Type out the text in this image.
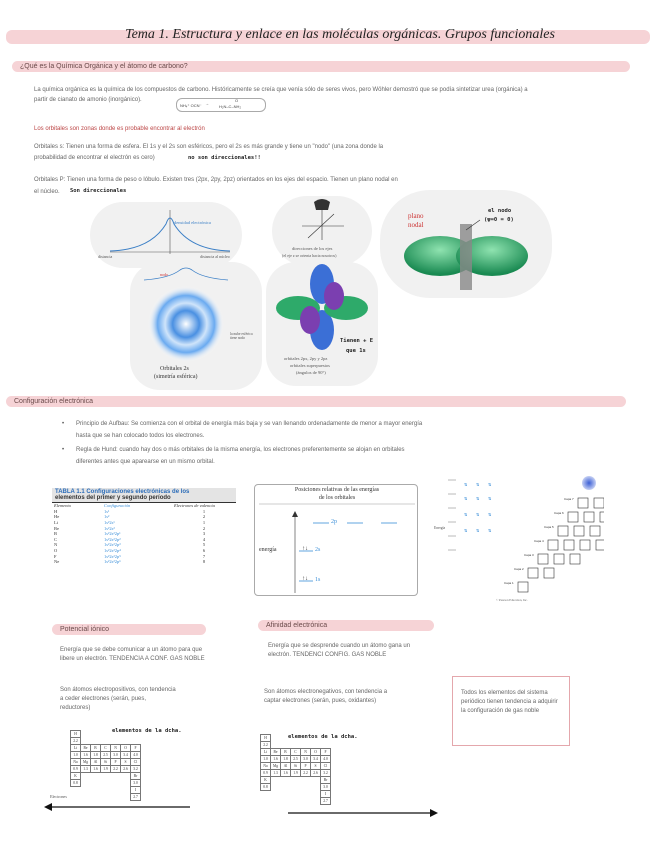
Tema 1. Estructura y enlace en las moléculas orgánicas. Grupos funcionales
¿Qué es la Química Orgánica y el átomo de carbono?
La química orgánica es la química de los compuestos de carbono. Históricamente se creía que venía sólo de seres vivos, pero Wöhler demostró que se podía sintetizar urea (orgánica) a
partir de cianato de amonio (inorgánico).
NH₄⁺ OCN⁻ →
O
H₂N–C–NH₂
Los orbitales son zonas donde es probable encontrar al electrón
Orbitales s: Tienen una forma de esfera. El 1s y el 2s son esféricos, pero el 2s es más grande y tiene un "nodo" (una zona donde la
probabilidad de encontrar el electrón es cero)	no son direccionales!!
Orbitales P: Tienen una forma de peso o lóbulo. Existen tres (2px, 2py, 2pz) orientados en los ejes del espacio. Tienen un plano nodal en
el núcleo.	Son direccionales
densidad electrónica
distancia	distancia al núcleo
nodo
Orbitales 2s
(simetría esférica)
la nube esférica tiene nodo
direcciones de los ejes
(el eje z se orienta hacia nosotros)
orbitales 2px, 2py y 2pz
orbitales superpuestos
(ángulos de 90°)
Tienen + E
que 1s
plano
nodal
el nodo
(ψ=0 = 0)
Configuración electrónica
• Principio de Aufbau: Se comienza con el orbital de energía más baja y se van llenando ordenadamente de menor a mayor energía
hasta que se han colocado todos los electrones.
• Regla de Hund: cuando hay dos o más orbitales de la misma energía, los electrones preferentemente se alojan en orbitales
diferentes antes que aparearse en un mismo orbital.
TABLA 1.1 Configuraciones electrónicas de los
elementos del primer y segundo período
Elemento	Configuración	Electrones de valencia
H	1s¹	1
He	1s²	2
Li	1s²2s¹	1
Be	1s²2s²	2
B	1s²2s²2p¹	3
C	1s²2s²2p²	4
N	1s²2s²2p³	5
O	1s²2s²2p⁴	6
F	1s²2s²2p⁵	7
Ne	1s²2s²2p⁶	8
Posiciones relativas de las energías
de los orbitales
↑↓
↑↓
energía
2p
2s
1s
Energía
⇅ ⇅ ⇅
⇅ ⇅ ⇅
⇅ ⇅ ⇅
⇅ ⇅ ⇅
Capa 1
Capa 2
Capa 3
Capa 4
Capa 5
Capa 6
Capa 7
© Pearson Education, Inc.
Potencial iónico
Energía que se debe comunicar a un átomo para que libere un electrón. TENDENCIA A CONF. GAS NOBLE
Son átomos electropositivos, con tendencia a ceder electrones (serán, pues, reductores)
Afinidad electrónica
Energía que se desprende cuando un átomo gana un electrón. TENDENCI CONFIG. GAS NOBLE
Son átomos electronegativos, con tendencia a captar electrones (serán, pues, oxidantes)
Todos los elementos del sistema periódico tienen tendencia a adquirir la configuración de gas noble
H						
2.2						
Li	Be	B	C	N	O	F
1.0	1.6	1.8	2.5	3.0	3.4	4.0
Na	Mg	Al	Si	P	S	Cl
0.9	1.3	1.6	1.9	2.2	2.6	3.2
K						Br
0.8						3.0
						I
						2.7
elementos de la dcha.
Electrones
H						
2.2						
Li	Be	B	C	N	O	F
1.0	1.6	1.8	2.5	3.0	3.4	4.0
Na	Mg	Al	Si	P	S	Cl
0.9	1.3	1.6	1.9	2.2	2.6	3.2
K						Br
0.8						3.0
						I
						2.7
elementos de la dcha.
